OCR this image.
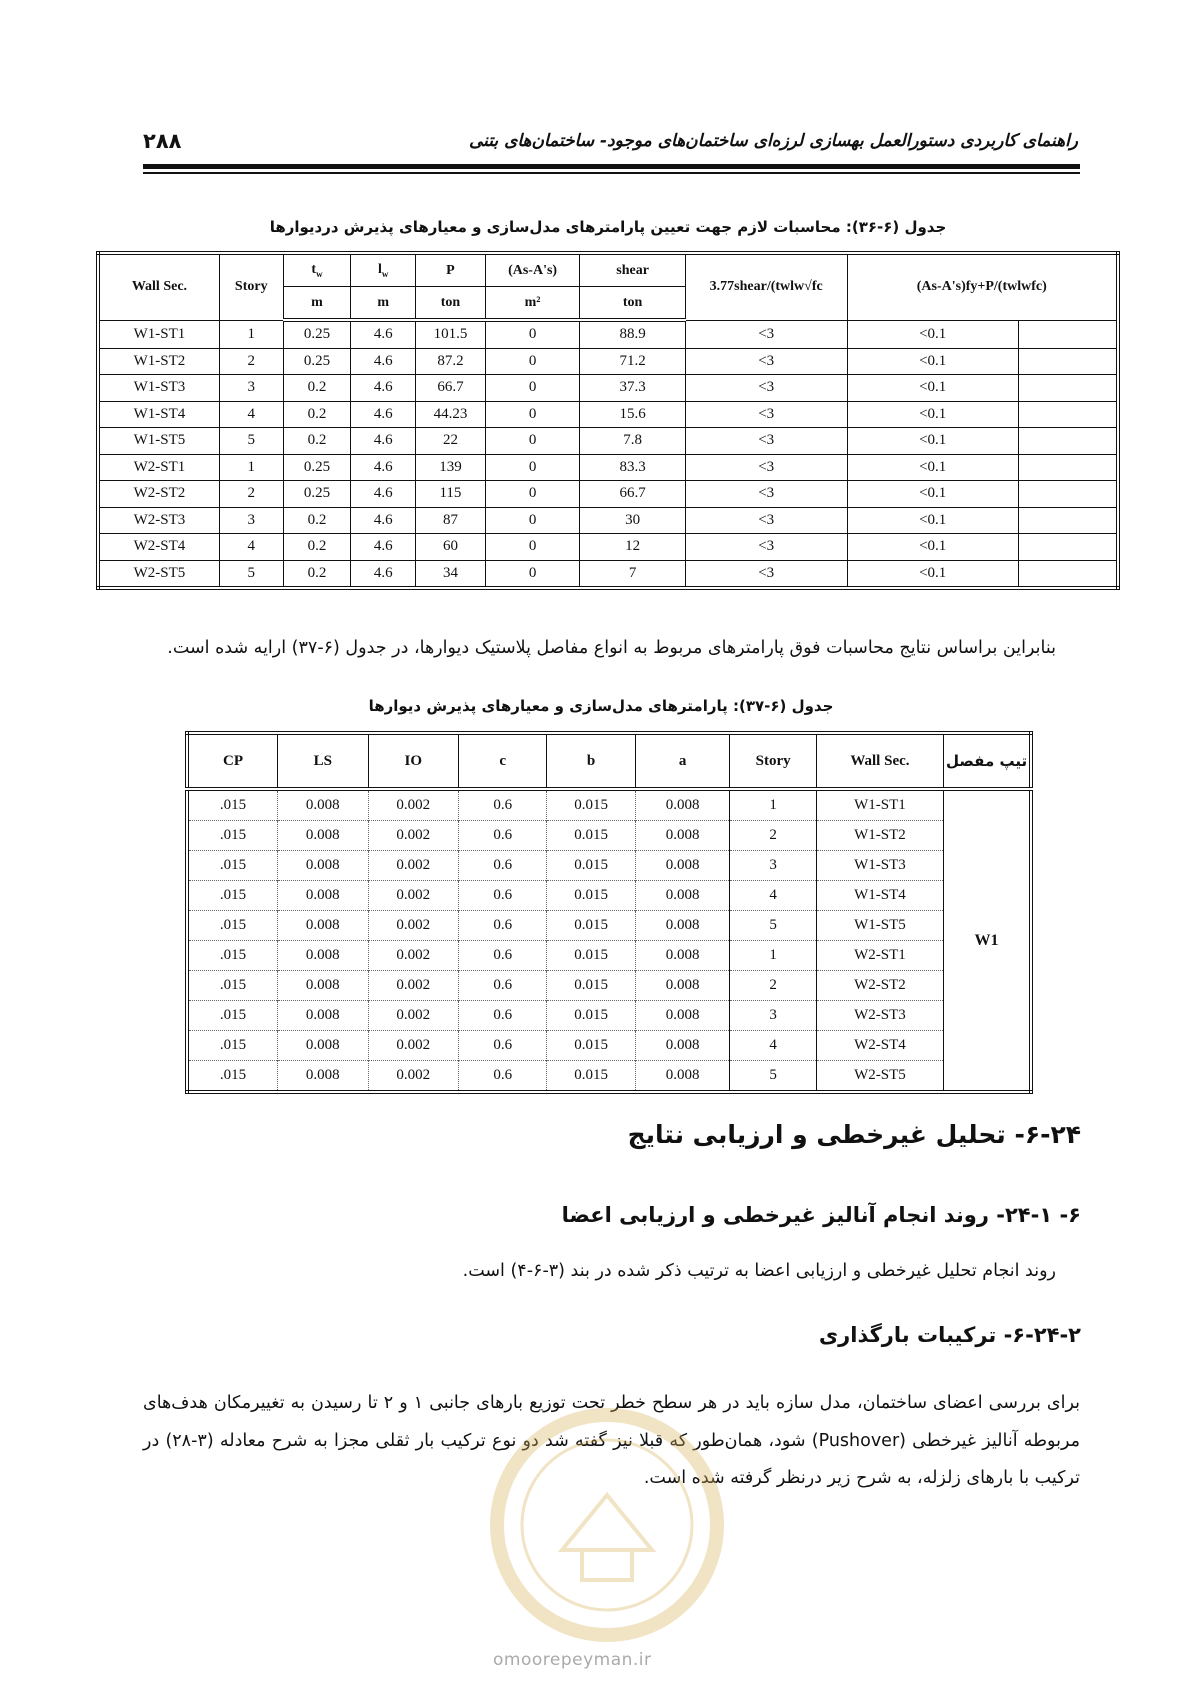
۲۸۸	راهنمای کاربردی دستورالعمل بهسازی لرزه‌ای ساختمان‌های موجود- ساختمان‌های بتنی
جدول (۶-۳۶): محاسبات لازم جهت تعیین پارامترهای مدل‌سازی و معیارهای پذیرش دردیوارها
Wall Sec.	Story	$t_w$	$l_w$	P	(As-A's)	shear	3.77shear/(twlw√fc	(As-A's)fy+P/(twlwfc)	
		m	m	ton	m²	ton			
W1-ST1	1	0.25	4.6	101.5	0	88.9	<3	<0.1	
W1-ST2	2	0.25	4.6	87.2	0	71.2	<3	<0.1	
W1-ST3	3	0.2	4.6	66.7	0	37.3	<3	<0.1	
W1-ST4	4	0.2	4.6	44.23	0	15.6	<3	<0.1	
W1-ST5	5	0.2	4.6	22	0	7.8	<3	<0.1	
W2-ST1	1	0.25	4.6	139	0	83.3	<3	<0.1	
W2-ST2	2	0.25	4.6	115	0	66.7	<3	<0.1	
W2-ST3	3	0.2	4.6	87	0	30	<3	<0.1	
W2-ST4	4	0.2	4.6	60	0	12	<3	<0.1	
W2-ST5	5	0.2	4.6	34	0	7	<3	<0.1	
بنابراین براساس نتایج محاسبات فوق پارامترهای مربوط به انواع مفاصل پلاستیک دیوارها، در جدول (۶-۳۷) ارایه شده است.
جدول (۶-۳۷): پارامترهای مدل‌سازی و معیارهای پذیرش دیوارها
CP	LS	IO	c	b	a	Story	Wall Sec.	تیپ مفصل
.015	0.008	0.002	0.6	0.015	0.008	1	W1-ST1	W1
.015	0.008	0.002	0.6	0.015	0.008	2	W1-ST2	
.015	0.008	0.002	0.6	0.015	0.008	3	W1-ST3	
.015	0.008	0.002	0.6	0.015	0.008	4	W1-ST4	
.015	0.008	0.002	0.6	0.015	0.008	5	W1-ST5	
.015	0.008	0.002	0.6	0.015	0.008	1	W2-ST1	
.015	0.008	0.002	0.6	0.015	0.008	2	W2-ST2	
.015	0.008	0.002	0.6	0.015	0.008	3	W2-ST3	
.015	0.008	0.002	0.6	0.015	0.008	4	W2-ST4	
.015	0.008	0.002	0.6	0.015	0.008	5	W2-ST5	
۶-۲۴- تحلیل غیرخطی و ارزیابی نتایج
۶- ۲۴-۱- روند انجام آنالیز غیرخطی و ارزیابی اعضا
روند انجام تحلیل غیرخطی و ارزیابی اعضا به ترتیب ذکر شده در بند (۳-۶-۴) است.
۶-۲۴-۲- ترکیبات بارگذاری
برای بررسی اعضای ساختمان، مدل سازه باید در هر سطح خطر تحت توزیع بارهای جانبی ۱ و ۲ تا رسیدن به تغییرمکان هدف‌های مربوطه آنالیز غیرخطی (Pushover) شود، همان‌طور که قبلا نیز گفته شد دو نوع ترکیب بار ثقلی مجزا به شرح معادله (۳-۲۸) در ترکیب با بارهای زلزله، به شرح زیر درنظر گرفته شده است.
omoorepeyman.ir
